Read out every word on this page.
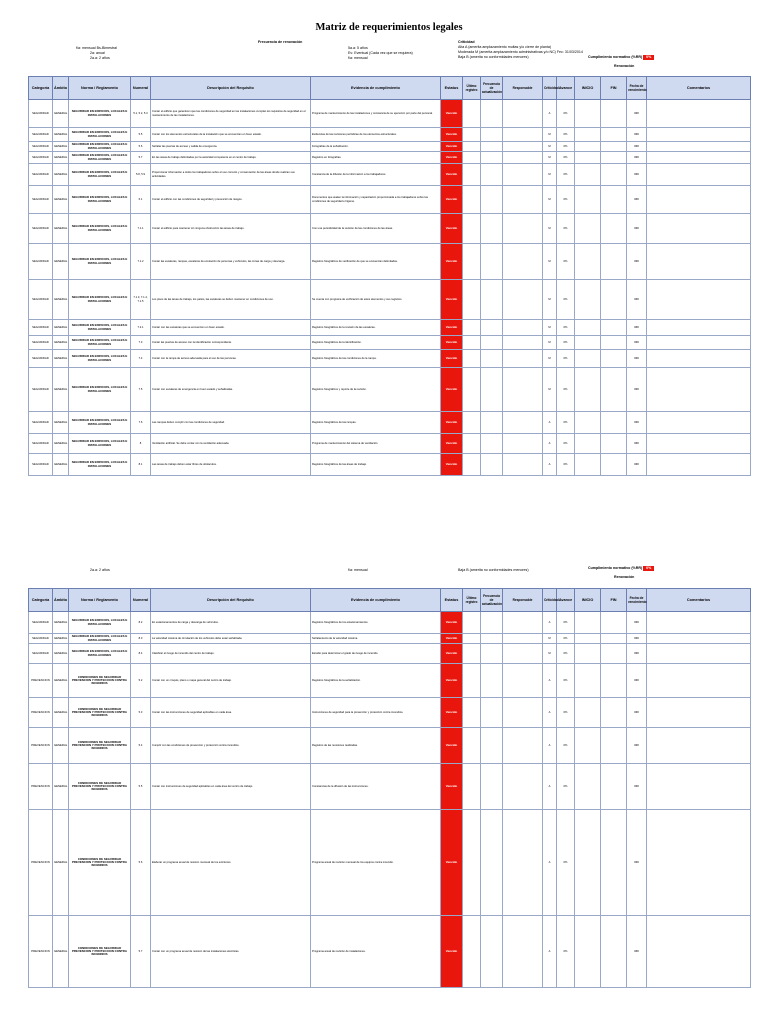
Matriz de requerimientos legales
f/a: mensual Bs-Bimestral
2a: anual
2a.a: 2 años
Frecuencia de renovación
5a.a: 5 años
Ev: Eventual (Cada vez que se requiera)
f/a: mensual
Criticidad
Alta A (amerita amplazamiento multas y/o cierre de planta)
Moderada M (amerita amplazamiento administrativas y/o NC) Fec: 31/03/2014
Baja B (amerita no conformidades menores)	Cumplimiento normativo (%RR) 0%
Renovación
Categoría	Ámbito	Norma / Reglamento	Numeral	Descripción del Requisito	Evidencia de cumplimiento	Estatus	Último registro	Frecuencia de actualización	Responsable	Criticidad	Avance	INICIO	FIN	Fecha de vencimiento	Comentarios
SEGURIDAD	GENERAL	SEGURIDAD EN EDIFICIOS, LOCALES E INSTALACIONES	5.1, 5.2, 5.3	Contar el edificio que garanticen que las condiciones de seguridad en las instalaciones cumplan los requisitos de seguridad en el mantenimiento de las instalaciones.	Programa de mantenimiento de las instalaciones y constancia de su ejecución por parte del personal.	Vencido				A	0%			###	
SEGURIDAD	GENERAL	SEGURIDAD EN EDIFICIOS, LOCALES E INSTALACIONES	5.5	Contar con los elementos estructurales de la instalación que se encuentran en buen estado.	Evidencias de las revisiones periódicas de los elementos estructurales.	Vencido				M	0%			###	
SEGURIDAD	GENERAL	SEGURIDAD EN EDIFICIOS, LOCALES E INSTALACIONES	5.6	Señalar las puertas de acceso y salida de emergencia.	Fotografías de la señalización.	Vencido				M	0%			###	
SEGURIDAD	GENERAL	SEGURIDAD EN EDIFICIOS, LOCALES E INSTALACIONES	5.7	En las áreas de trabajo delimitadas por la autoridad competente en el centro de trabajo.	Registros en fotografías.	Vencido				M	0%			###	
SEGURIDAD	GENERAL	SEGURIDAD EN EDIFICIOS, LOCALES E INSTALACIONES	5.8, 5.9	Proporcionar información a todos los trabajadores sobre el uso correcto y conservación de las áreas donde realizan sus actividades.	Constancia de la difusión de la información a los trabajadores.	Vencido				M	0%			###	
SEGURIDAD	GENERAL	SEGURIDAD EN EDIFICIOS, LOCALES E INSTALACIONES	6.1	Contar el edificio con las condiciones de seguridad y prevención de riesgos.	Documentos que avalen la información y capacitación proporcionada a los trabajadores sobre las condiciones de seguridad e higiene.	Vencido				M	0%			###	
SEGURIDAD	GENERAL	SEGURIDAD EN EDIFICIOS, LOCALES E INSTALACIONES	7.1.1	Contar el edificio para mantener sin ninguna obstrucción las áreas de trabajo.	Con una periodicidad de la revisión de las condiciones de las áreas.	Vencido				M	0%			###	
SEGURIDAD	GENERAL	SEGURIDAD EN EDIFICIOS, LOCALES E INSTALACIONES	7.1.2	Contar las escaleras, rampas, escaleras de emulación de personas y vehículos, las zonas de carga y descarga.	Registros fotográficos de verificación de que se encuentran delimitadas.	Vencido				M	0%			###	
SEGURIDAD	GENERAL	SEGURIDAD EN EDIFICIOS, LOCALES E INSTALACIONES	7.1.3, 7.1.4, 7.1.5	Los pisos de las áreas de trabajo, los patios, las escaleras se deben mantener en condiciones de uso.	Se cuenta con programa de verificación de estos elementos y sus registros.	Vencido				M	0%			###	
SEGURIDAD	GENERAL	SEGURIDAD EN EDIFICIOS, LOCALES E INSTALACIONES	7.2.1	Contar con las escaleras que se encuentren en buen estado.	Registros fotográficos de la revisión de las escaleras.	Vencido				M	0%			###	
SEGURIDAD	GENERAL	SEGURIDAD EN EDIFICIOS, LOCALES E INSTALACIONES	7.3	Contar las puertas de acceso con la identificación correspondiente.	Registros fotográficos de la identificación.	Vencido				M	0%			###	
SEGURIDAD	GENERAL	SEGURIDAD EN EDIFICIOS, LOCALES E INSTALACIONES	7.4	Contar con la rampa de acceso adecuada para el uso de las personas.	Registros fotográficos de las condiciones de la rampa.	Vencido				M	0%			###	
SEGURIDAD	GENERAL	SEGURIDAD EN EDIFICIOS, LOCALES E INSTALACIONES	7.5	Contar con escaleras de emergencia en buen estado y señalizadas.	Registros fotográficos y reporte de la revisión.	Vencido				M	0%			###	
SEGURIDAD	GENERAL	SEGURIDAD EN EDIFICIOS, LOCALES E INSTALACIONES	7.6	Las rampas deben cumplir con las condiciones de seguridad.	Registros fotográficos de las rampas.	Vencido				A	0%			###	
SEGURIDAD	GENERAL	SEGURIDAD EN EDIFICIOS, LOCALES E INSTALACIONES	8	Ventilación artificial. Se debe contar con la ventilación adecuada.	Programa de mantenimiento del sistema de ventilación.	Vencido				A	0%			###	
SEGURIDAD	GENERAL	SEGURIDAD EN EDIFICIOS, LOCALES E INSTALACIONES	8.1	Las áreas de trabajo deben estar libres de obstáculos.	Registros fotográficos de las áreas de trabajo.	Vencido				A	0%			###	
2a.a: 2 años	f/a: mensual	Baja B (amerita no conformidades menores)	Cumplimiento normativo (%RR) 0%
Renovación
Categoría	Ámbito	Norma / Reglamento	Numeral	Descripción del Requisito	Evidencia de cumplimiento	Estatus	Último registro	Frecuencia de actualización	Responsable	Criticidad	Avance	INICIO	FIN	Fecha de vencimiento	Comentarios
SEGURIDAD	GENERAL	SEGURIDAD EN EDIFICIOS, LOCALES E INSTALACIONES	8.2	En estacionamientos de carga y descarga de vehículos.	Registros fotográficos de los estacionamientos.	Vencido				A	0%			###	
SEGURIDAD	GENERAL	SEGURIDAD EN EDIFICIOS, LOCALES E INSTALACIONES	8.3	La velocidad máxima de circulación de los vehículos debe estar señalizada.	Señalamiento de la velocidad máxima.	Vencido				M	0%			###	
SEGURIDAD	GENERAL	SEGURIDAD EN EDIFICIOS, LOCALES E INSTALACIONES	8.4	Clasificar el riesgo de incendio del centro de trabajo.	Estudio para determinar el grado de riesgo de incendio.	Vencido				M	0%			###	
PREVENCION	GENERAL	CONDICIONES DE SEGURIDAD PREVENCION Y PROTECCION CONTRA INCENDIOS	5.2	Contar con un croquis, plano o mapa general del centro de trabajo.	Registros fotográficos de la señalización.	Vencido				A	0%			###	
PREVENCION	GENERAL	CONDICIONES DE SEGURIDAD PREVENCION Y PROTECCION CONTRA INCENDIOS	5.3	Contar con las instrucciones de seguridad aplicables en cada área.	Instrucciones de seguridad para la prevención y protección contra incendios.	Vencido				A	0%			###	
PREVENCION	GENERAL	CONDICIONES DE SEGURIDAD PREVENCION Y PROTECCION CONTRA INCENDIOS	5.4	Cumplir con las condiciones de prevención y protección contra incendios.	Registros de las revisiones realizadas.	Vencido				A	0%			###	
PREVENCION	GENERAL	CONDICIONES DE SEGURIDAD PREVENCION Y PROTECCION CONTRA INCENDIOS	5.5	Contar con instrucciones de seguridad aplicables en cada área del centro de trabajo.	Constancias de la difusión de las instrucciones.	Vencido				A	0%			###	
PREVENCION	GENERAL	CONDICIONES DE SEGURIDAD PREVENCION Y PROTECCION CONTRA INCENDIOS	5.6	Elaborar un programa anual de revisión mensual de los extintores.	Programa anual de revisión mensual de los equipos contra incendio.	Vencido				A	0%			###	
PREVENCION	GENERAL	CONDICIONES DE SEGURIDAD PREVENCION Y PROTECCION CONTRA INCENDIOS	5.7	Contar con un programa anual de revisión de las instalaciones eléctricas.	Programa anual de revisión de instalaciones.	Vencido				A	0%			###	
